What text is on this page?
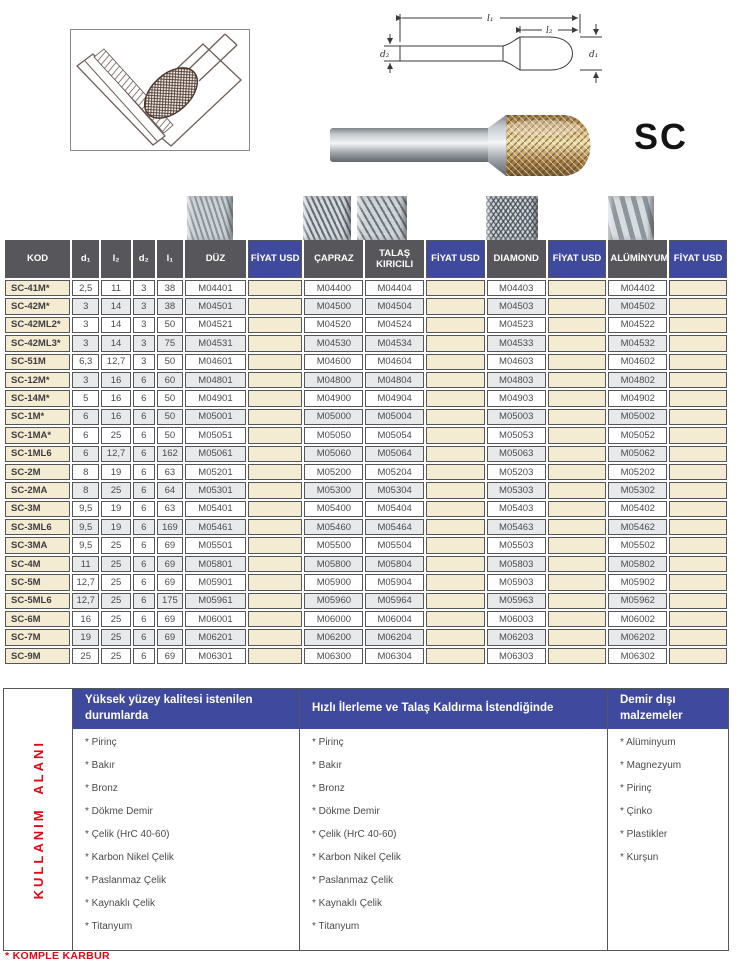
l₁
l₂
d₂	d₁
SC
KOD	d₁	l₂	d₂	l₁	DÜZ	FİYAT USD	ÇAPRAZ	TALAŞ KIRICILI	FİYAT USD	DIAMOND	FİYAT USD	ALÜMİNYUM	FİYAT USD
SC-41M*	2,5	11	3	38	M04401		M04400	M04404		M04403		M04402	
SC-42M*	3	14	3	38	M04501		M04500	M04504		M04503		M04502	
SC-42ML2*	3	14	3	50	M04521		M04520	M04524		M04523		M04522	
SC-42ML3*	3	14	3	75	M04531		M04530	M04534		M04533		M04532	
SC-51M	6,3	12,7	3	50	M04601		M04600	M04604		M04603		M04602	
SC-12M*	3	16	6	60	M04801		M04800	M04804		M04803		M04802	
SC-14M*	5	16	6	50	M04901		M04900	M04904		M04903		M04902	
SC-1M*	6	16	6	50	M05001		M05000	M05004		M05003		M05002	
SC-1MA*	6	25	6	50	M05051		M05050	M05054		M05053		M05052	
SC-1ML6	6	12,7	6	162	M05061		M05060	M05064		M05063		M05062	
SC-2M	8	19	6	63	M05201		M05200	M05204		M05203		M05202	
SC-2MA	8	25	6	64	M05301		M05300	M05304		M05303		M05302	
SC-3M	9,5	19	6	63	M05401		M05400	M05404		M05403		M05402	
SC-3ML6	9,5	19	6	169	M05461		M05460	M05464		M05463		M05462	
SC-3MA	9,5	25	6	69	M05501		M05500	M05504		M05503		M05502	
SC-4M	11	25	6	69	M05801		M05800	M05804		M05803		M05802	
SC-5M	12,7	25	6	69	M05901		M05900	M05904		M05903		M05902	
SC-5ML6	12,7	25	6	175	M05961		M05960	M05964		M05963		M05962	
SC-6M	16	25	6	69	M06001		M06000	M06004		M06003		M06002	
SC-7M	19	25	6	69	M06201		M06200	M06204		M06203		M06202	
SC-9M	25	25	6	69	M06301		M06300	M06304		M06303		M06302	
KULLANIM  ALANI
Yüksek yüzey kalitesi istenilen durumlarda
* Pirinç
* Bakır
* Bronz
* Dökme Demir
* Çelik (HrC 40-60)
* Karbon Nikel Çelik
* Paslanmaz Çelik
* Kaynaklı Çelik
* Titanyum
Hızlı İlerleme ve Talaş Kaldırma İstendiğinde
* Pirinç
* Bakır
* Bronz
* Dökme Demir
* Çelik (HrC 40-60)
* Karbon Nikel Çelik
* Paslanmaz Çelik
* Kaynaklı Çelik
* Titanyum
Demir dışı malzemeler
* Alüminyum
* Magnezyum
* Pirinç
* Çinko
* Plastikler
* Kurşun
* KOMPLE KARBÜR
